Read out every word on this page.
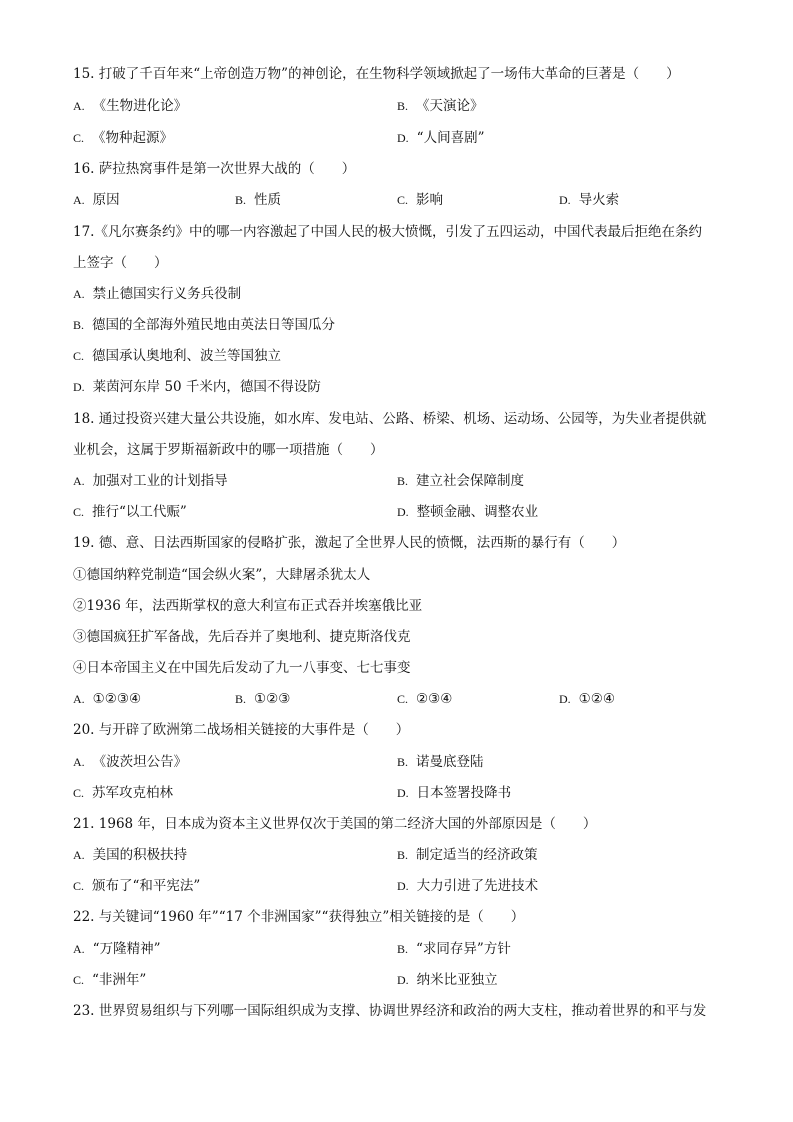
15. 打破了千百年来“上帝创造万物”的神创论，在生物科学领域掀起了一场伟大革命的巨著是（　　）
A. 《生物进化论》	B. 《天演论》
C. 《物种起源》	D. “人间喜剧”
16. 萨拉热窝事件是第一次世界大战的（　　）
A. 原因	B. 性质	C. 影响	D. 导火索
17.《凡尔赛条约》中的哪一内容激起了中国人民的极大愤慨，引发了五四运动，中国代表最后拒绝在条约
上签字（　　）
A. 禁止德国实行义务兵役制
B. 德国的全部海外殖民地由英法日等国瓜分
C. 德国承认奥地利、波兰等国独立
D. 莱茵河东岸 50 千米内，德国不得设防
18. 通过投资兴建大量公共设施，如水库、发电站、公路、桥梁、机场、运动场、公园等，为失业者提供就
业机会，这属于罗斯福新政中的哪一项措施（　　）
A. 加强对工业的计划指导	B. 建立社会保障制度
C. 推行“以工代赈”	D. 整顿金融、调整农业
19. 德、意、日法西斯国家的侵略扩张，激起了全世界人民的愤慨，法西斯的暴行有（　　）
①德国纳粹党制造“国会纵火案”，大肆屠杀犹太人
②1936 年，法西斯掌权的意大利宣布正式吞并埃塞俄比亚
③德国疯狂扩军备战，先后吞并了奥地利、捷克斯洛伐克
④日本帝国主义在中国先后发动了九一八事变、七七事变
A. ①②③④	B. ①②③	C. ②③④	D. ①②④
20. 与开辟了欧洲第二战场相关链接的大事件是（　　）
A. 《波茨坦公告》	B. 诺曼底登陆
C. 苏军攻克柏林	D. 日本签署投降书
21. 1968 年，日本成为资本主义世界仅次于美国的第二经济大国的外部原因是（　　）
A. 美国的积极扶持	B. 制定适当的经济政策
C. 颁布了“和平宪法”	D. 大力引进了先进技术
22. 与关键词“1960 年”“17 个非洲国家”“获得独立”相关链接的是（　　）
A. “万隆精神”	B. “求同存异”方针
C. “非洲年”	D. 纳米比亚独立
23. 世界贸易组织与下列哪一国际组织成为支撑、协调世界经济和政治的两大支柱，推动着世界的和平与发
